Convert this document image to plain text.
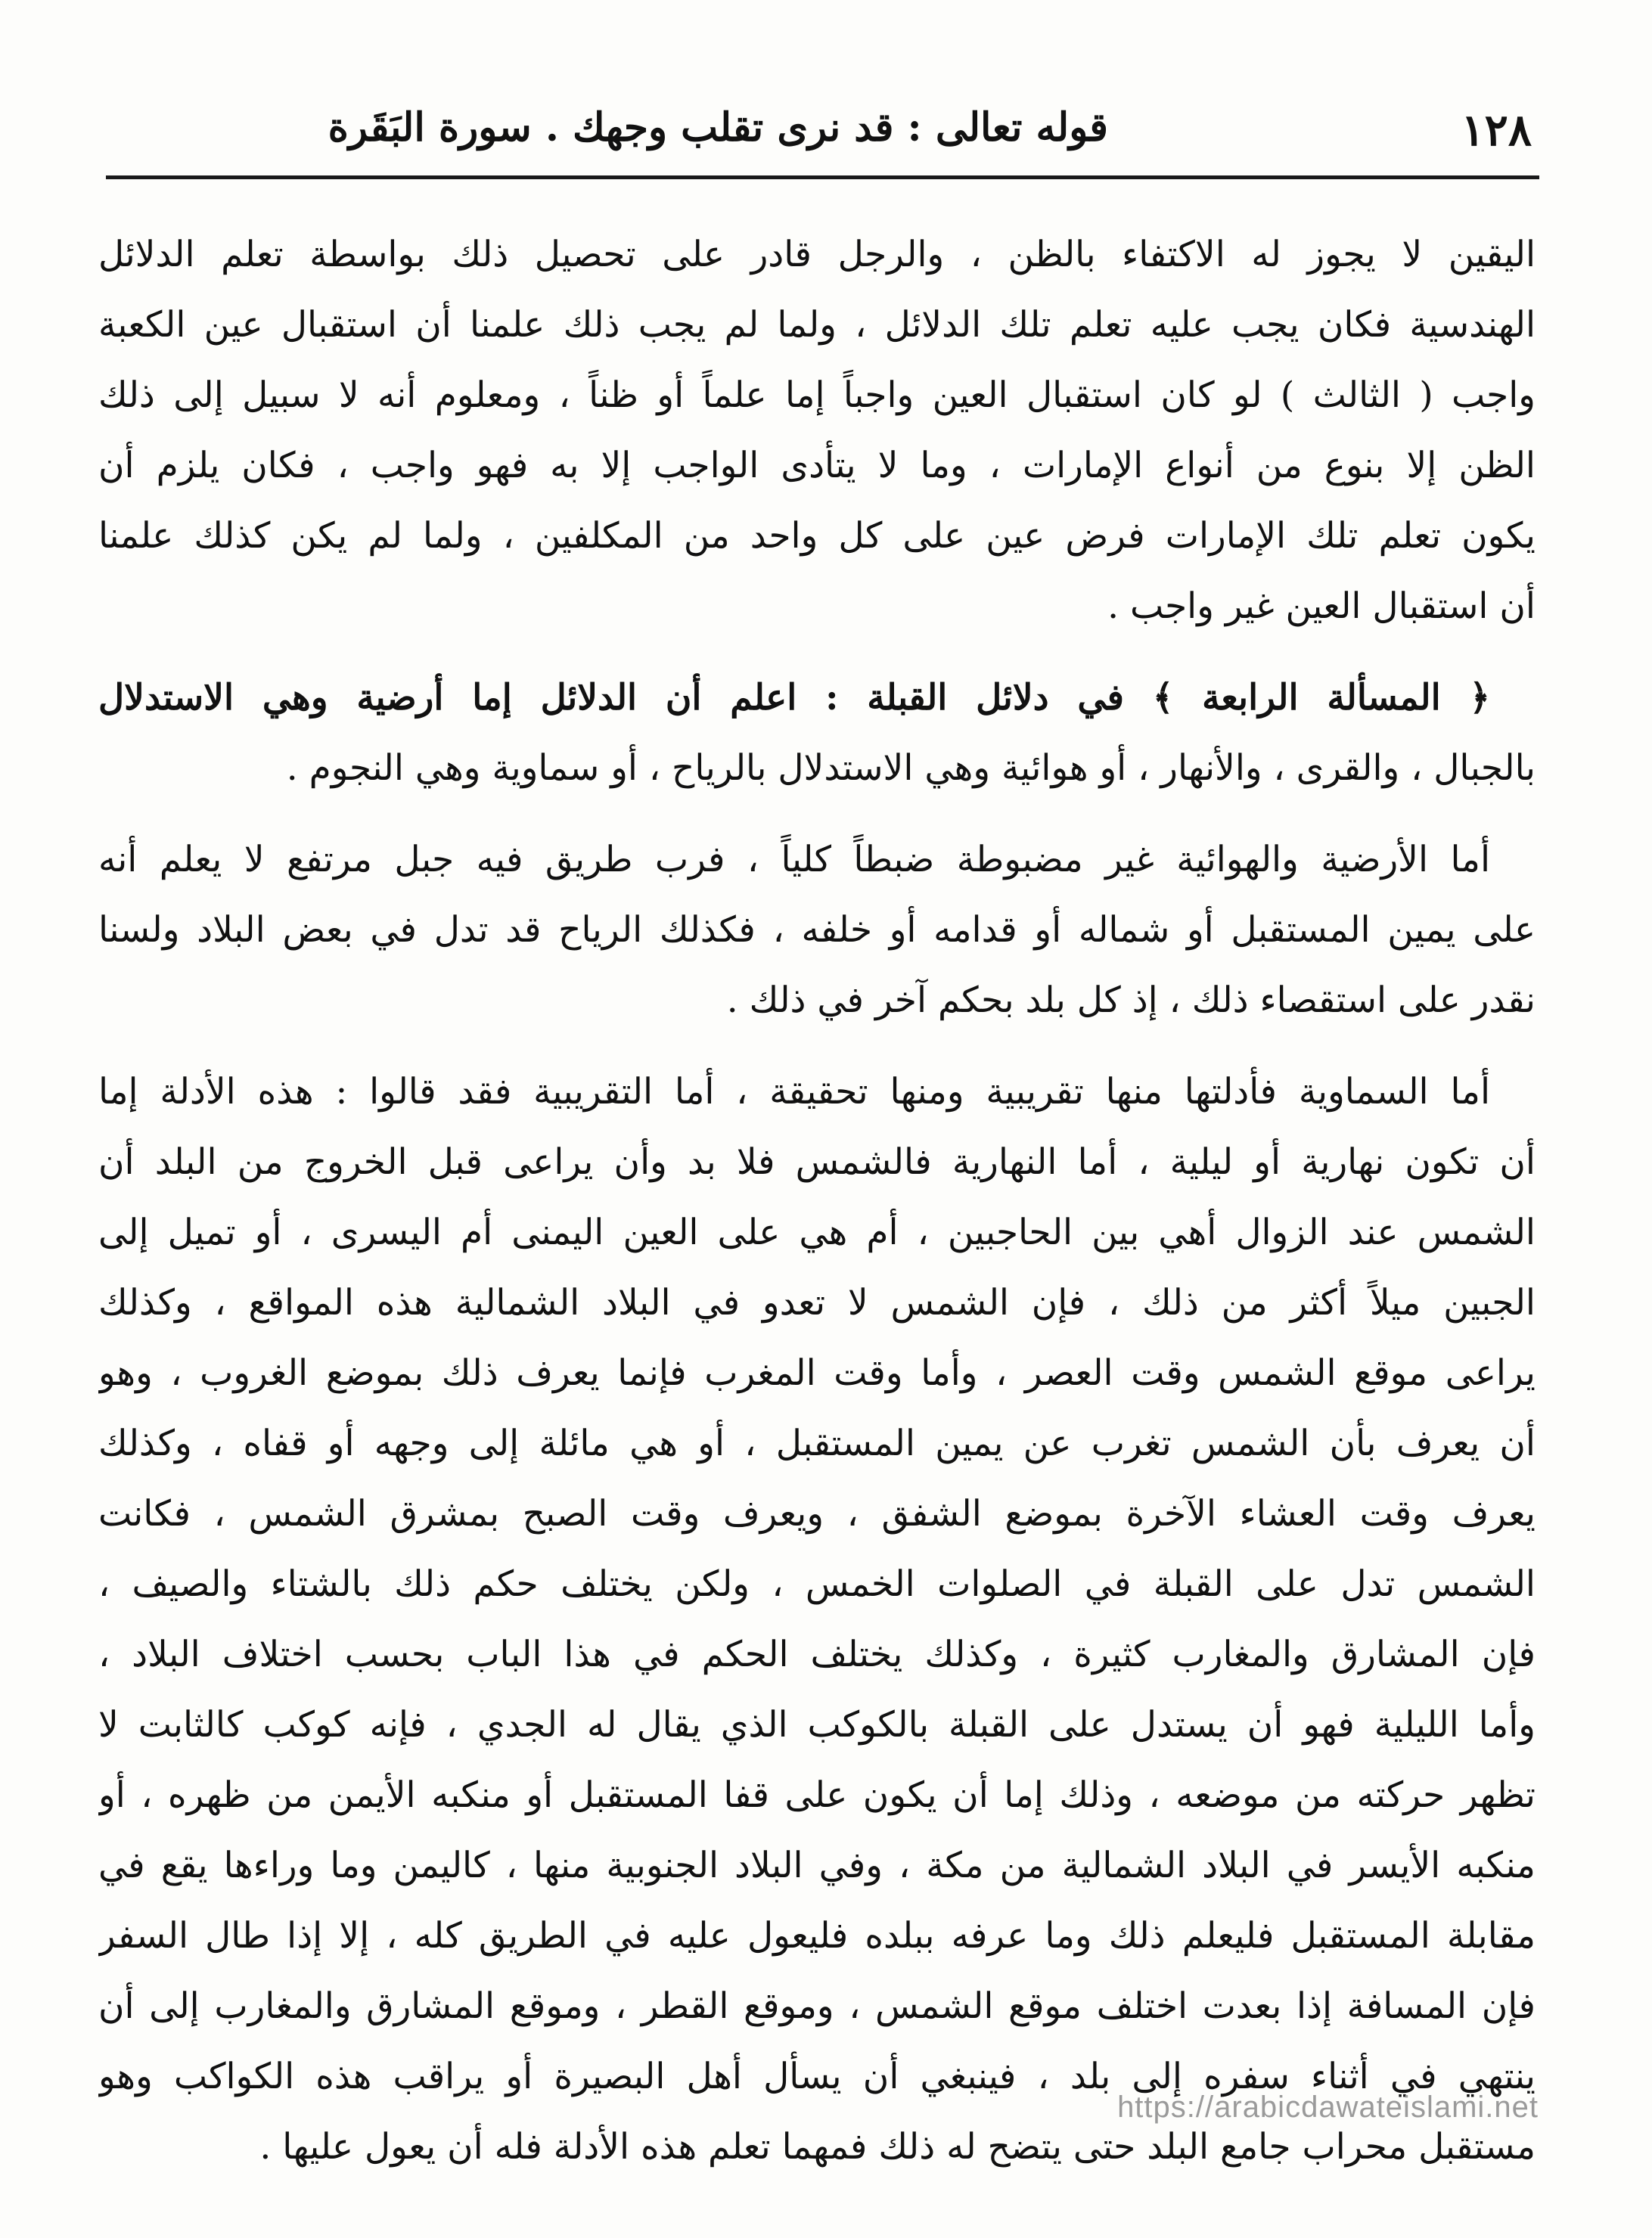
١٢٨
قوله تعالى : قد نرى تقلب وجهك . سورة البَقَرة
اليقين لا يجوز له الاكتفاء بالظن ، والرجل قادر على تحصيل ذلك بواسطة تعلم الدلائل
الهندسية فكان يجب عليه تعلم تلك الدلائل ، ولما لم يجب ذلك علمنا أن استقبال عين الكعبة
واجب ( الثالث ) لو كان استقبال العين واجباً إما علماً أو ظناً ، ومعلوم أنه لا سبيل إلى ذلك
الظن إلا بنوع من أنواع الإمارات ، وما لا يتأدى الواجب إلا به فهو واجب ، فكان يلزم أن
يكون تعلم تلك الإمارات فرض عين على كل واحد من المكلفين ، ولما لم يكن كذلك علمنا
أن استقبال العين غير واجب .
﴿ المسألة الرابعة ﴾ في دلائل القبلة : اعلم أن الدلائل إما أرضية وهي الاستدلال
بالجبال ، والقرى ، والأنهار ، أو هوائية وهي الاستدلال بالرياح ، أو سماوية وهي النجوم .
أما الأرضية والهوائية غير مضبوطة ضبطاً كلياً ، فرب طريق فيه جبل مرتفع لا يعلم أنه
على يمين المستقبل أو شماله أو قدامه أو خلفه ، فكذلك الرياح قد تدل في بعض البلاد ولسنا
نقدر على استقصاء ذلك ، إذ كل بلد بحكم آخر في ذلك .
أما السماوية فأدلتها منها تقريبية ومنها تحقيقة ، أما التقريبية فقد قالوا : هذه الأدلة إما
أن تكون نهارية أو ليلية ، أما النهارية فالشمس فلا بد وأن يراعى قبل الخروج من البلد أن
الشمس عند الزوال أهي بين الحاجبين ، أم هي على العين اليمنى أم اليسرى ، أو تميل إلى
الجبين ميلاً أكثر من ذلك ، فإن الشمس لا تعدو في البلاد الشمالية هذه المواقع ، وكذلك
يراعى موقع الشمس وقت العصر ، وأما وقت المغرب فإنما يعرف ذلك بموضع الغروب ، وهو
أن يعرف بأن الشمس تغرب عن يمين المستقبل ، أو هي مائلة إلى وجهه أو قفاه ، وكذلك
يعرف وقت العشاء الآخرة بموضع الشفق ، ويعرف وقت الصبح بمشرق الشمس ، فكانت
الشمس تدل على القبلة في الصلوات الخمس ، ولكن يختلف حكم ذلك بالشتاء والصيف ،
فإن المشارق والمغارب كثيرة ، وكذلك يختلف الحكم في هذا الباب بحسب اختلاف البلاد ،
وأما الليلية فهو أن يستدل على القبلة بالكوكب الذي يقال له الجدي ، فإنه كوكب كالثابت لا
تظهر حركته من موضعه ، وذلك إما أن يكون على قفا المستقبل أو منكبه الأيمن من ظهره ، أو
منكبه الأيسر في البلاد الشمالية من مكة ، وفي البلاد الجنوبية منها ، كاليمن وما وراءها يقع في
مقابلة المستقبل فليعلم ذلك وما عرفه ببلده فليعول عليه في الطريق كله ، إلا إذا طال السفر
فإن المسافة إذا بعدت اختلف موقع الشمس ، وموقع القطر ، وموقع المشارق والمغارب إلى أن
ينتهي في أثناء سفره إلى بلد ، فينبغي أن يسأل أهل البصيرة أو يراقب هذه الكواكب وهو
مستقبل محراب جامع البلد حتى يتضح له ذلك فمهما تعلم هذه الأدلة فله أن يعول عليها .
https://arabicdawateislami.net
